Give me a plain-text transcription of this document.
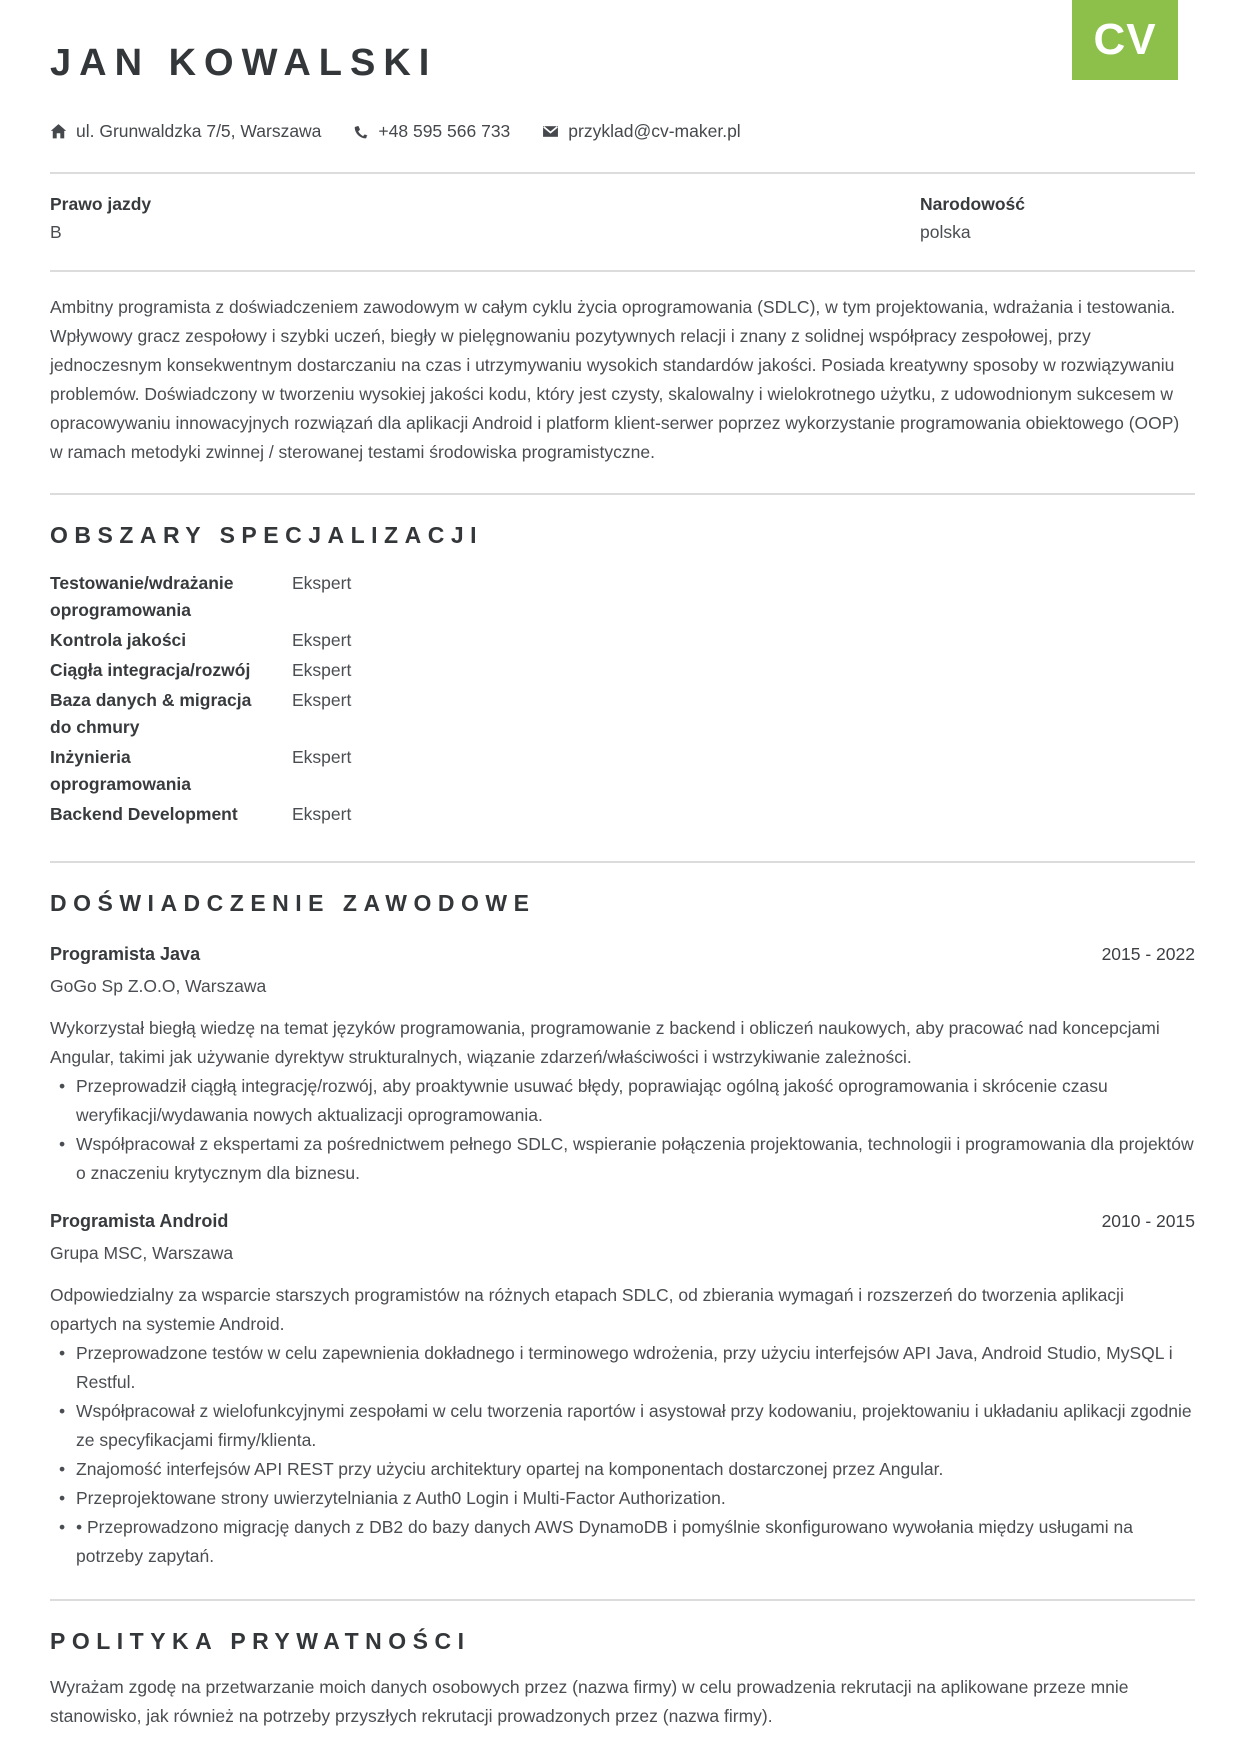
CV
JAN KOWALSKI
ul. Grunwaldzka 7/5, Warszawa	+48 595 566 733	przyklad@cv-maker.pl
Prawo jazdy
B
Narodowość
polska

Ambitny programista z doświadczeniem zawodowym w całym cyklu życia oprogramowania (SDLC), w tym projektowania, wdrażania i testowania. Wpływowy gracz zespołowy i szybki uczeń, biegły w pielęgnowaniu pozytywnych relacji i znany z solidnej współpracy zespołowej, przy jednoczesnym konsekwentnym dostarczaniu na czas i utrzymywaniu wysokich standardów jakości. Posiada kreatywny sposoby w rozwiązywaniu problemów. Doświadczony w tworzeniu wysokiej jakości kodu, który jest czysty, skalowalny i wielokrotnego użytku, z udowodnionym sukcesem w opracowywaniu innowacyjnych rozwiązań dla aplikacji Android i platform klient-serwer poprzez wykorzystanie programowania obiektowego (OOP) w ramach metodyki zwinnej / sterowanej testami środowiska programistyczne.

OBSZARY SPECJALIZACJI
Testowanie/wdrażanie oprogramowania
Ekspert
Kontrola jakości	Ekspert
Ciągła integracja/rozwój	Ekspert
Baza danych & migracja do chmury
Ekspert
Inżynieria oprogramowania
Ekspert
Backend Development	Ekspert
DOŚWIADCZENIE ZAWODOWE
Programista Java	2015 - 2022
GoGo Sp Z.O.O, Warszawa

Wykorzystał biegłą wiedzę na temat języków programowania, programowanie z backend i obliczeń naukowych, aby pracować nad koncepcjami Angular, takimi jak używanie dyrektyw strukturalnych, wiązanie zdarzeń/właściwości i wstrzykiwanie zależności.

• Przeprowadził ciągłą integrację/rozwój, aby proaktywnie usuwać błędy, poprawiając ogólną jakość oprogramowania i skrócenie czasu weryfikacji/wydawania nowych aktualizacji oprogramowania.
• Współpracował z ekspertami za pośrednictwem pełnego SDLC, wspieranie połączenia projektowania, technologii i programowania dla projektów o znaczeniu krytycznym dla biznesu.
Programista Android	2010 - 2015
Grupa MSC, Warszawa

Odpowiedzialny za wsparcie starszych programistów na różnych etapach SDLC, od zbierania wymagań i rozszerzeń do tworzenia aplikacji opartych na systemie Android.

• Przeprowadzone testów w celu zapewnienia dokładnego i terminowego wdrożenia, przy użyciu interfejsów API Java, Android Studio, MySQL i Restful.
• Współpracował z wielofunkcyjnymi zespołami w celu tworzenia raportów i asystował przy kodowaniu, projektowaniu i układaniu aplikacji zgodnie ze specyfikacjami firmy/klienta.
• Znajomość interfejsów API REST przy użyciu architektury opartej na komponentach dostarczonej przez Angular.
• Przeprojektowane strony uwierzytelniania z Auth0 Login i Multi-Factor Authorization.
• • Przeprowadzono migrację danych z DB2 do bazy danych AWS DynamoDB i pomyślnie skonfigurowano wywołania między usługami na potrzeby zapytań.
POLITYKA PRYWATNOŚCI

Wyrażam zgodę na przetwarzanie moich danych osobowych przez (nazwa firmy) w celu prowadzenia rekrutacji na aplikowane przeze mnie stanowisko, jak również na potrzeby przyszłych rekrutacji prowadzonych przez (nazwa firmy).
